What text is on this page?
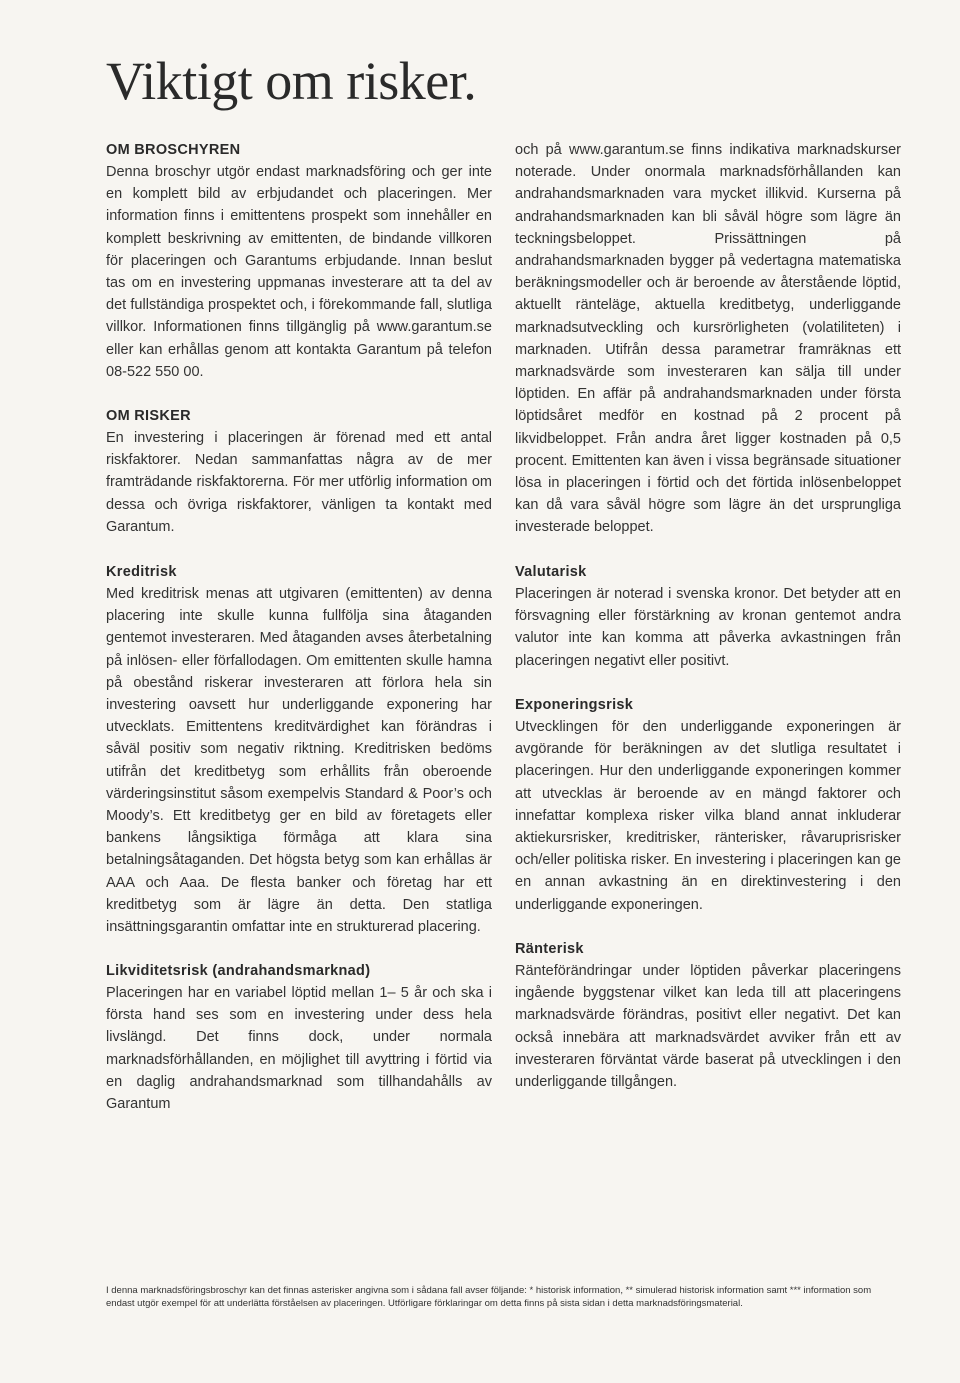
Viktigt om risker.
OM BROSCHYREN

Denna broschyr utgör endast marknadsföring och ger inte en komplett bild av erbjudandet och placeringen. Mer information finns i emittentens prospekt som innehåller en komplett beskrivning av emittenten, de bindande villkoren för placeringen och Garantums erbjudande. Innan beslut tas om en investering uppmanas investerare att ta del av det fullständiga prospektet och, i förekommande fall, slutliga villkor. Informationen finns tillgänglig på www.garantum.se eller kan erhållas genom att kontakta Garantum på telefon 08-522 550 00.

OM RISKER

En investering i placeringen är förenad med ett antal riskfaktorer. Nedan sammanfattas några av de mer framträdande riskfaktorerna. För mer utförlig information om dessa och övriga riskfaktorer, vänligen ta kontakt med Garantum.

Kreditrisk

Med kreditrisk menas att utgivaren (emittenten) av denna placering inte skulle kunna fullfölja sina åtaganden gentemot investeraren. Med åtaganden avses återbetalning på inlösen- eller förfallodagen. Om emittenten skulle hamna på obestånd riskerar investeraren att förlora hela sin investering oavsett hur underliggande exponering har utvecklats. Emittentens kreditvärdighet kan förändras i såväl positiv som negativ riktning. Kreditrisken bedöms utifrån det kreditbetyg som erhållits från oberoende värderingsinstitut såsom exempelvis Standard & Poor’s och Moody’s. Ett kreditbetyg ger en bild av företagets eller bankens långsiktiga förmåga att klara sina betalningsåtaganden. Det högsta betyg som kan erhållas är AAA och Aaa. De flesta banker och företag har ett kreditbetyg som är lägre än detta. Den statliga insättningsgarantin omfattar inte en strukturerad placering.

Likviditetsrisk (andrahandsmarknad)

Placeringen har en variabel löptid mellan 1– 5 år och ska i första hand ses som en investering under dess hela livslängd. Det finns dock, under normala marknadsförhållanden, en möjlighet till avyttring i förtid via en daglig andrahandsmarknad som tillhandahålls av Garantum

och på www.garantum.se finns indikativa marknadskurser noterade. Under onormala marknadsförhållanden kan andrahandsmarknaden vara mycket illikvid. Kurserna på andrahandsmarknaden kan bli såväl högre som lägre än teckningsbeloppet. Prissättningen på andrahandsmarknaden bygger på vedertagna matematiska beräkningsmodeller och är beroende av återstående löptid, aktuellt ränteläge, aktuella kreditbetyg, underliggande marknadsutveckling och kursrörligheten (volatiliteten) i marknaden. Utifrån dessa parametrar framräknas ett marknadsvärde som investeraren kan sälja till under löptiden. En affär på andrahandsmarknaden under första löptidsåret medför en kostnad på 2 procent på likvidbeloppet. Från andra året ligger kostnaden på 0,5 procent. Emittenten kan även i vissa begränsade situationer lösa in placeringen i förtid och det förtida inlösenbeloppet kan då vara såväl högre som lägre än det ursprungliga investerade beloppet.

Valutarisk

Placeringen är noterad i svenska kronor. Det betyder att en försvagning eller förstärkning av kronan gentemot andra valutor inte kan komma att påverka avkastningen från placeringen negativt eller positivt.

Exponeringsrisk

Utvecklingen för den underliggande exponeringen är avgörande för beräkningen av det slutliga resultatet i placeringen. Hur den underliggande exponeringen kommer att utvecklas är beroende av en mängd faktorer och innefattar komplexa risker vilka bland annat inkluderar aktiekursrisker, kreditrisker, ränterisker, råvaruprisrisker och/eller politiska risker. En investering i placeringen kan ge en annan avkastning än en direktinvestering i den underliggande exponeringen.

Ränterisk

Ränteförändringar under löptiden påverkar placeringens ingående byggstenar vilket kan leda till att placeringens marknadsvärde förändras, positivt eller negativt. Det kan också innebära att marknadsvärdet avviker från ett av investeraren förväntat värde baserat på utvecklingen i den underliggande tillgången.

I denna marknadsföringsbroschyr kan det finnas asterisker angivna som i sådana fall avser följande: * historisk information, ** simulerad historisk information samt *** information som endast utgör exempel för att underlätta förståelsen av placeringen. Utförligare förklaringar om detta finns på sista sidan i detta marknadsföringsmaterial.
